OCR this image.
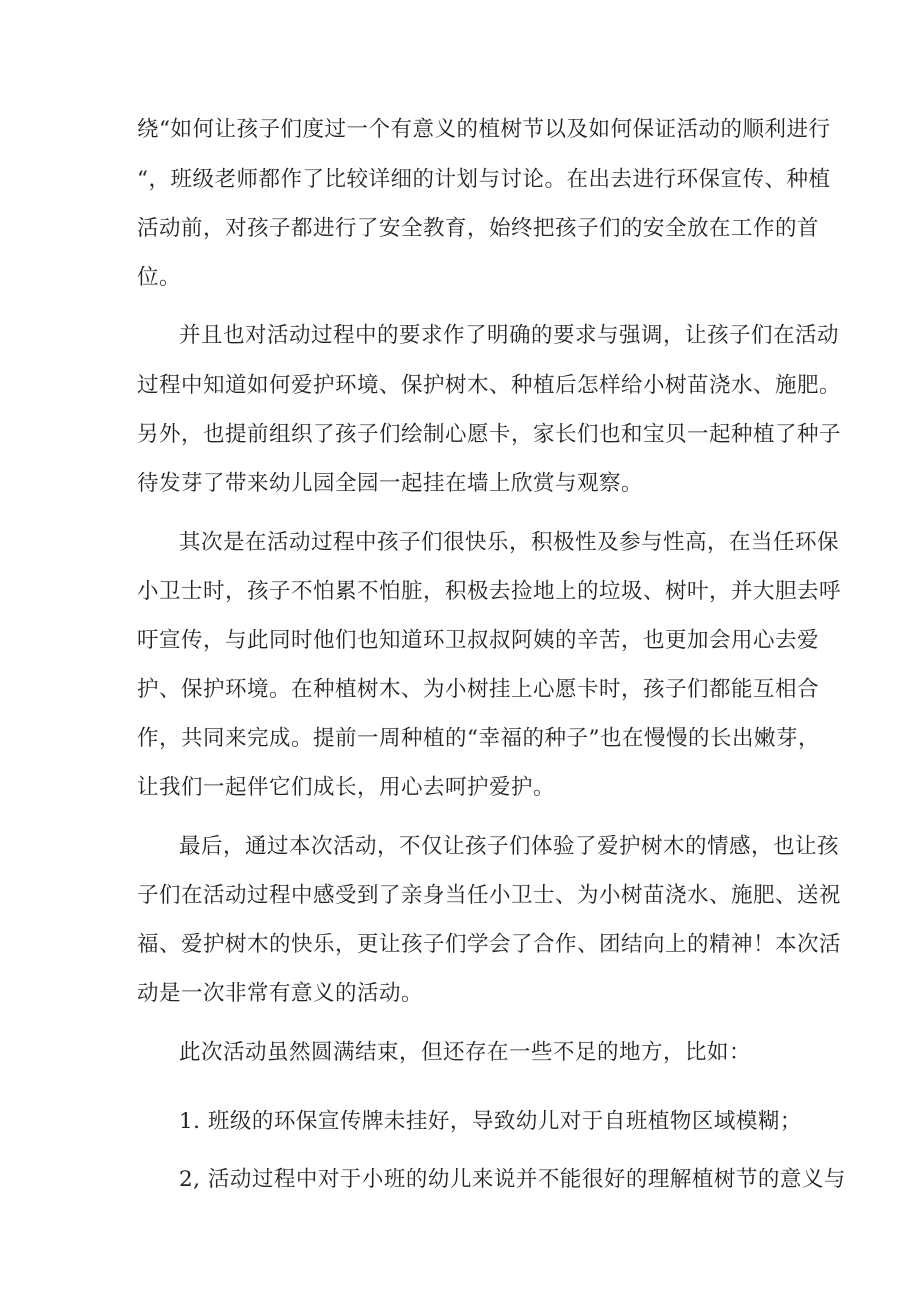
绕“如何让孩子们度过一个有意义的植树节以及如何保证活动的顺利进行
“，班级老师都作了比较详细的计划与讨论。在出去进行环保宣传、种植
活动前，对孩子都进行了安全教育，始终把孩子们的安全放在工作的首
位。
并且也对活动过程中的要求作了明确的要求与强调，让孩子们在活动
过程中知道如何爱护环境、保护树木、种植后怎样给小树苗浇水、施肥。
另外，也提前组织了孩子们绘制心愿卡，家长们也和宝贝一起种植了种子
待发芽了带来幼儿园全园一起挂在墙上欣赏与观察。
其次是在活动过程中孩子们很快乐，积极性及参与性高，在当任环保
小卫士时，孩子不怕累不怕脏，积极去捡地上的垃圾、树叶，并大胆去呼
吁宣传，与此同时他们也知道环卫叔叔阿姨的辛苦，也更加会用心去爱
护、保护环境。在种植树木、为小树挂上心愿卡时，孩子们都能互相合
作，共同来完成。提前一周种植的“幸福的种子”也在慢慢的长出嫩芽，
让我们一起伴它们成长，用心去呵护爱护。
最后，通过本次活动，不仅让孩子们体验了爱护树木的情感，也让孩
子们在活动过程中感受到了亲身当任小卫士、为小树苗浇水、施肥、送祝
福、爱护树木的快乐，更让孩子们学会了合作、团结向上的精神！本次活
动是一次非常有意义的活动。
此次活动虽然圆满结束，但还存在一些不足的地方，比如：
1. 班级的环保宣传牌未挂好，导致幼儿对于自班植物区域模糊；
2, 活动过程中对于小班的幼儿来说并不能很好的理解植树节的意义与
